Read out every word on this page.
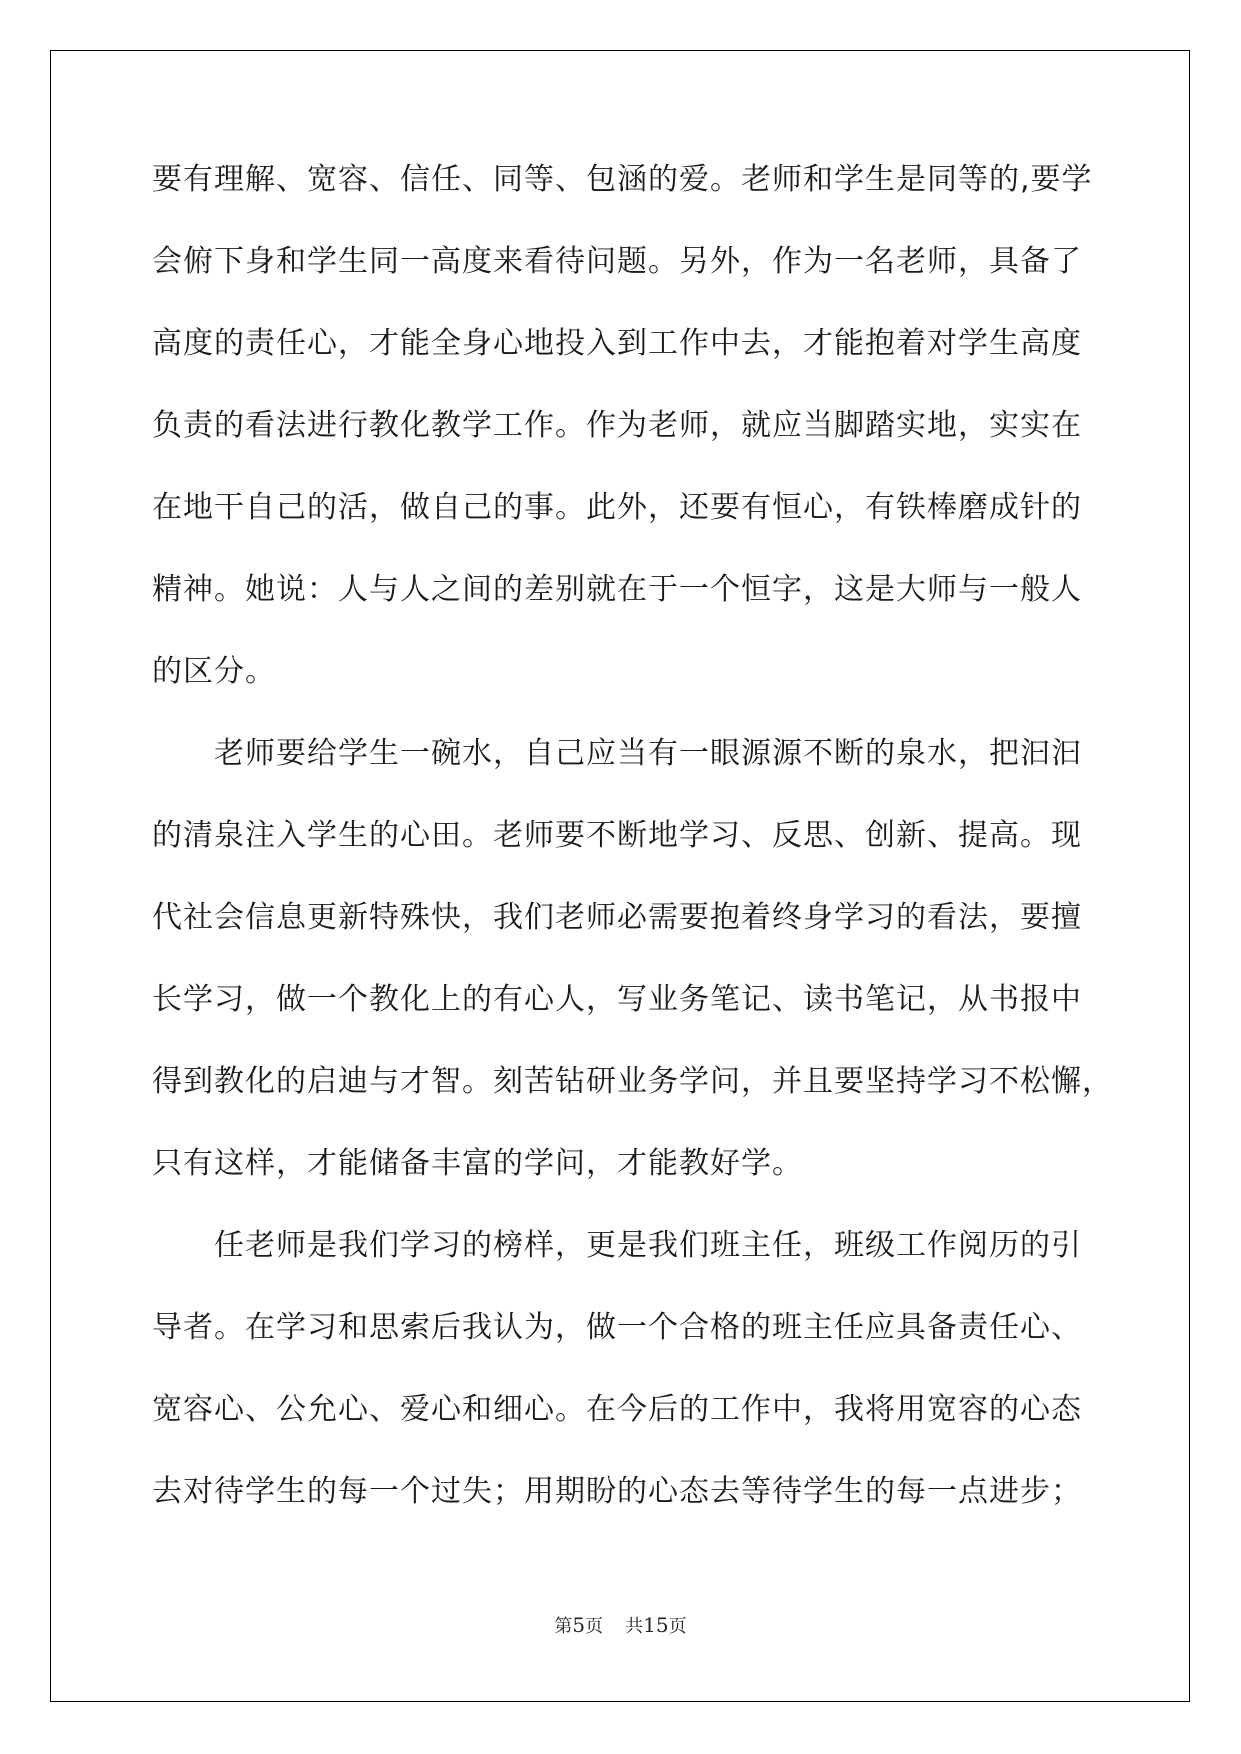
要有理解、宽容、信任、同等、包涵的爱。老师和学生是同等的,要学
会俯下身和学生同一高度来看待问题。另外，作为一名老师，具备了
高度的责任心，才能全身心地投入到工作中去，才能抱着对学生高度
负责的看法进行教化教学工作。作为老师，就应当脚踏实地，实实在
在地干自己的活，做自己的事。此外，还要有恒心，有铁棒磨成针的
精神。她说：人与人之间的差别就在于一个恒字，这是大师与一般人
的区分。
　　老师要给学生一碗水，自己应当有一眼源源不断的泉水，把汩汩
的清泉注入学生的心田。老师要不断地学习、反思、创新、提高。现
代社会信息更新特殊快，我们老师必需要抱着终身学习的看法，要擅
长学习，做一个教化上的有心人，写业务笔记、读书笔记，从书报中
得到教化的启迪与才智。刻苦钻研业务学问，并且要坚持学习不松懈，
只有这样，才能储备丰富的学问，才能教好学。
　　任老师是我们学习的榜样，更是我们班主任，班级工作阅历的引
导者。在学习和思索后我认为，做一个合格的班主任应具备责任心、
宽容心、公允心、爱心和细心。在今后的工作中，我将用宽容的心态
去对待学生的每一个过失；用期盼的心态去等待学生的每一点进步；
第5页 共15页
